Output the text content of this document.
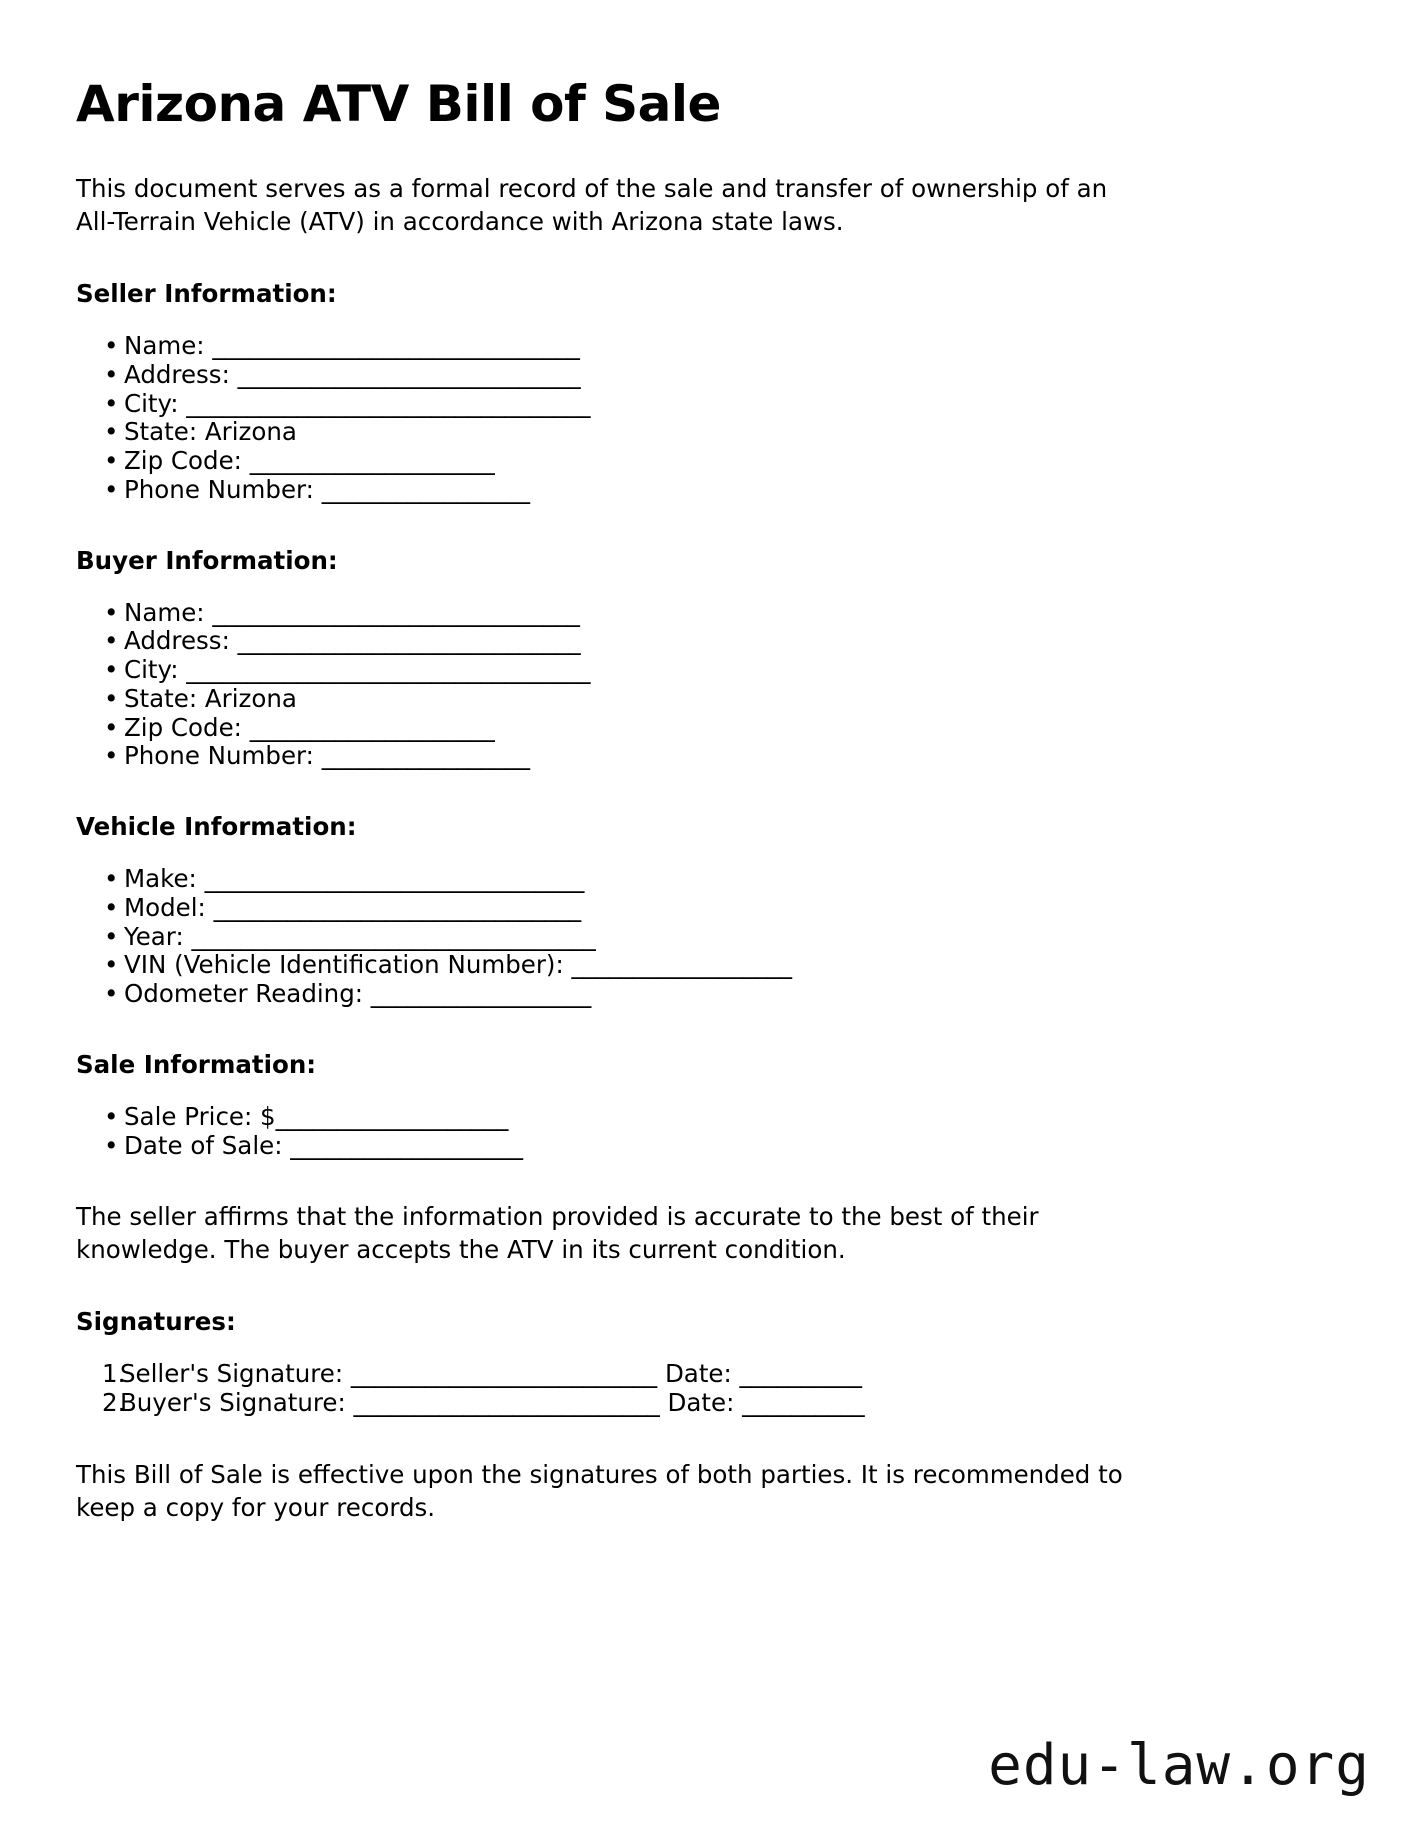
Arizona ATV Bill of Sale

This document serves as a formal record of the sale and transfer of ownership of an All-Terrain Vehicle (ATV) in accordance with Arizona state laws.

Seller Information:
• Name: ______________________________
• Address: ____________________________
• City: _________________________________
• State: Arizona
• Zip Code: ____________________
• Phone Number: _________________
Buyer Information:
• Name: ______________________________
• Address: ____________________________
• City: _________________________________
• State: Arizona
• Zip Code: ____________________
• Phone Number: _________________
Vehicle Information:
• Make: _______________________________
• Model: ______________________________
• Year: _________________________________
• VIN (Vehicle Identification Number): __________________
• Odometer Reading: __________________
Sale Information:
• Sale Price: $___________________
• Date of Sale: ___________________

The seller affirms that the information provided is accurate to the best of their knowledge. The buyer accepts the ATV in its current condition.

Signatures:
Seller's Signature: _________________________ Date: __________
Buyer's Signature: _________________________ Date: __________

This Bill of Sale is effective upon the signatures of both parties. It is recommended to keep a copy for your records.

edu-law.org
